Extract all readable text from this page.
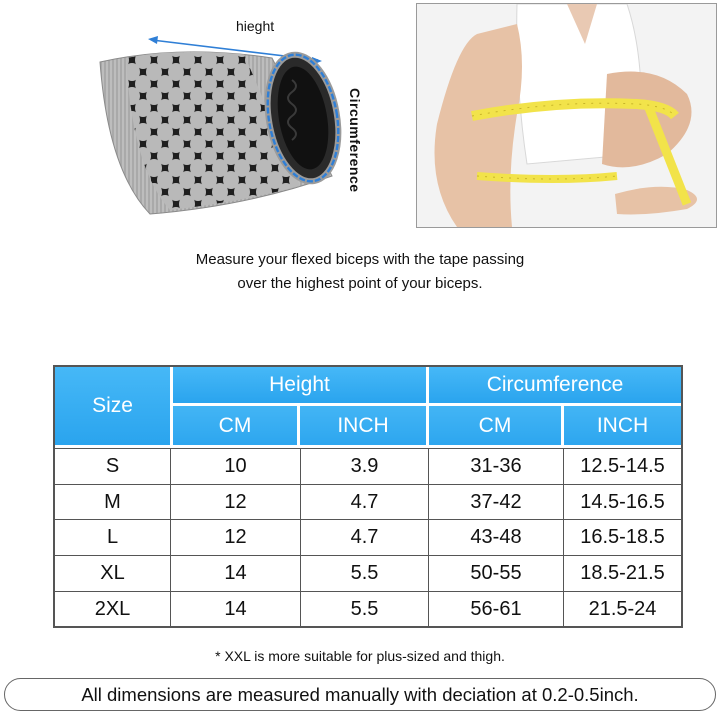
hieght
Circumference
Measure your flexed biceps with the tape passing
over the highest point of your biceps.
Size
Height	Circumference
CM	INCH	CM	INCH
S	10	3.9	31-36	12.5-14.5
M	12	4.7	37-42	14.5-16.5
L	12	4.7	43-48	16.5-18.5
XL	14	5.5	50-55	18.5-21.5
2XL	14	5.5	56-61	21.5-24
* XXL is more suitable for plus-sized and thigh.
All dimensions are measured manually with deciation at 0.2-0.5inch.
